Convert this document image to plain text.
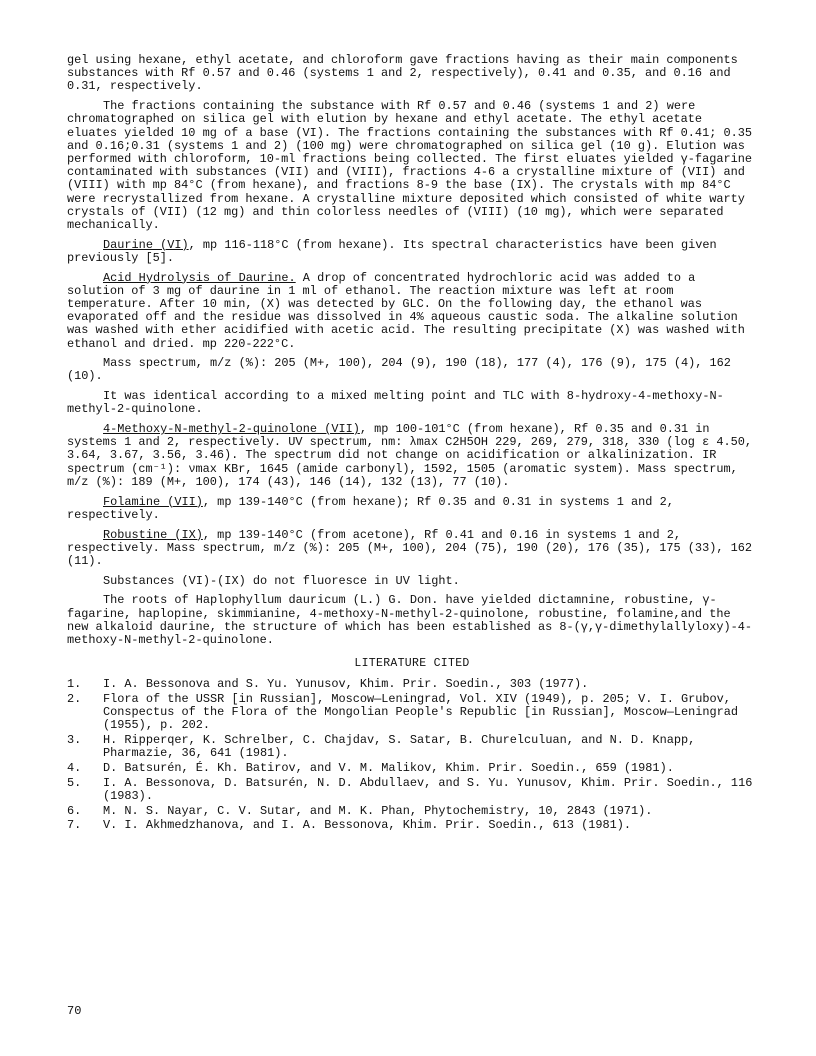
gel using hexane, ethyl acetate, and chloroform gave fractions having as their main components substances with Rf 0.57 and 0.46 (systems 1 and 2, respectively), 0.41 and 0.35, and 0.16 and 0.31, respectively.

The fractions containing the substance with Rf 0.57 and 0.46 (systems 1 and 2) were chromatographed on silica gel with elution by hexane and ethyl acetate. The ethyl acetate eluates yielded 10 mg of a base (VI). The fractions containing the substances with Rf 0.41; 0.35 and 0.16;0.31 (systems 1 and 2) (100 mg) were chromatographed on silica gel (10 g). Elution was performed with chloroform, 10-ml fractions being collected. The first eluates yielded γ-fagarine contaminated with substances (VII) and (VIII), fractions 4-6 a crystalline mixture of (VII) and (VIII) with mp 84°C (from hexane), and fractions 8-9 the base (IX). The crystals with mp 84°C were recrystallized from hexane. A crystalline mixture deposited which consisted of white warty crystals of (VII) (12 mg) and thin colorless needles of (VIII) (10 mg), which were separated mechanically.

Daurine (VI), mp 116-118°C (from hexane). Its spectral characteristics have been given previously [5].

Acid Hydrolysis of Daurine. A drop of concentrated hydrochloric acid was added to a solution of 3 mg of daurine in 1 ml of ethanol. The reaction mixture was left at room temperature. After 10 min, (X) was detected by GLC. On the following day, the ethanol was evaporated off and the residue was dissolved in 4% aqueous caustic soda. The alkaline solution was washed with ether acidified with acetic acid. The resulting precipitate (X) was washed with ethanol and dried. mp 220-222°C.

Mass spectrum, m/z (%): 205 (M+, 100), 204 (9), 190 (18), 177 (4), 176 (9), 175 (4), 162 (10).

It was identical according to a mixed melting point and TLC with 8-hydroxy-4-methoxy-N-methyl-2-quinolone.

4-Methoxy-N-methyl-2-quinolone (VII), mp 100-101°C (from hexane), Rf 0.35 and 0.31 in systems 1 and 2, respectively. UV spectrum, nm: λmax C2H5OH 229, 269, 279, 318, 330 (log ε 4.50, 3.64, 3.67, 3.56, 3.46). The spectrum did not change on acidification or alkalinization. IR spectrum (cm⁻¹): νmax KBr, 1645 (amide carbonyl), 1592, 1505 (aromatic system). Mass spectrum, m/z (%): 189 (M+, 100), 174 (43), 146 (14), 132 (13), 77 (10).

Folamine (VII), mp 139-140°C (from hexane); Rf 0.35 and 0.31 in systems 1 and 2, respectively.

Robustine (IX), mp 139-140°C (from acetone), Rf 0.41 and 0.16 in systems 1 and 2, respectively. Mass spectrum, m/z (%): 205 (M+, 100), 204 (75), 190 (20), 176 (35), 175 (33), 162 (11).

Substances (VI)-(IX) do not fluoresce in UV light.

The roots of Haplophyllum dauricum (L.) G. Don. have yielded dictamnine, robustine, γ-fagarine, haplopine, skimmianine, 4-methoxy-N-methyl-2-quinolone, robustine, folamine,and the new alkaloid daurine, the structure of which has been established as 8-(γ,γ-dimethylallyloxy)-4-methoxy-N-methyl-2-quinolone.

LITERATURE CITED
1.	I. A. Bessonova and S. Yu. Yunusov, Khim. Prir. Soedin., 303 (1977).
2.	Flora of the USSR [in Russian], Moscow—Leningrad, Vol. XIV (1949), p. 205; V. I. Grubov, Conspectus of the Flora of the Mongolian People's Republic [in Russian], Moscow—Leningrad (1955), p. 202.
3.	H. Ripperqer, K. Schrelber, C. Chajdav, S. Satar, B. Churelculuan, and N. D. Knapp, Pharmazie, 36, 641 (1981).
4.	D. Batsurén, É. Kh. Batirov, and V. M. Malikov, Khim. Prir. Soedin., 659 (1981).
5.	I. A. Bessonova, D. Batsurén, N. D. Abdullaev, and S. Yu. Yunusov, Khim. Prir. Soedin., 116 (1983).
6.	M. N. S. Nayar, C. V. Sutar, and M. K. Phan, Phytochemistry, 10, 2843 (1971).
7.	V. I. Akhmedzhanova, and I. A. Bessonova, Khim. Prir. Soedin., 613 (1981).
70
